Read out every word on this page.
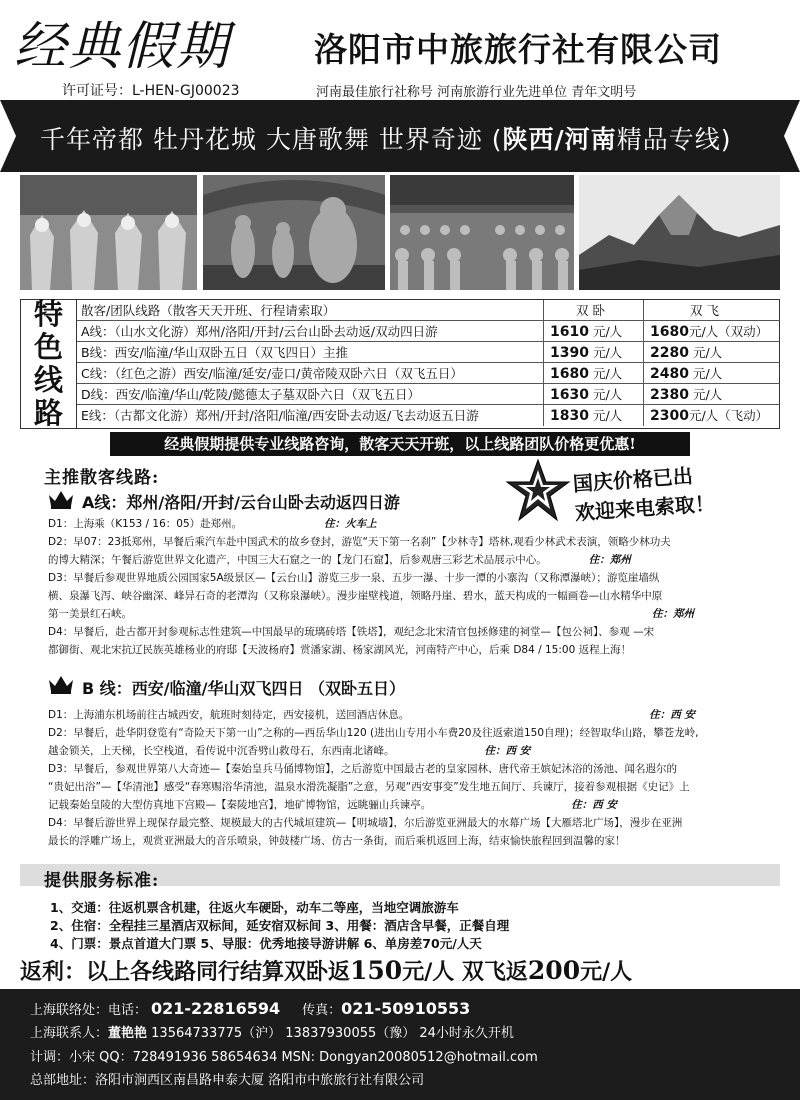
经典假期
许可证号：L-HEN-GJ00023
洛阳市中旅旅行社有限公司
河南最佳旅行社称号 河南旅游行业先进单位 青年文明号
千年帝都 牡丹花城 大唐歌舞 世界奇迹 (陕西/河南精品专线)
特
色
线
路
散客/团队线路（散客天天开班、行程请索取）	双 卧	双 飞
A线：（山水文化游）郑州/洛阳/开封/云台山卧去动返/双动四日游	1610 元/人	1680元/人（双动）
B线：西安/临潼/华山双卧五日（双飞四日）主推	1390 元/人	2280 元/人
C线：（红色之游）西安/临潼/延安/壶口/黄帝陵双卧六日（双飞五日）	1680 元/人	2480 元/人
D线：西安/临潼/华山/乾陵/懿德太子墓双卧六日（双飞五日）	1630 元/人	2380 元/人
E线：（古都文化游）郑州/开封/洛阳/临潼/西安卧去动返/飞去动返五日游	1830 元/人	2300元/人（飞动）
经典假期提供专业线路咨询，散客天天开班，以上线路团队价格更优惠!
主推散客线路:	国庆价格已出
欢迎来电索取！
A线：郑州/洛阳/开封/云台山卧去动返四日游
D1：上海乘（K153 / 16：05）赴郑州。	住：火车上
D2：早07：23抵郑州，早餐后乘汽车赴中国武术的故乡登封，游览“天下第一名刹”【少林寺】塔林,观看少林武术表演，领略少林功夫
的博大精深；午餐后游览世界文化遗产，中国三大石窟之一的【龙门石窟】，后参观唐三彩艺术品展示中心。	住：郑州
D3：早餐后参观世界地质公园国家5A级景区—【云台山】游览三步一泉、五步一瀑、十步一潭的小寨沟（又称潭瀑峡）；游览崖墙纵
横、泉瀑飞泻、峡谷幽深、峰异石奇的老潭沟（又称泉瀑峡）。漫步崖壁栈道，领略丹崖、碧水，蓝天构成的一幅画卷—山水精华中原
第一美景红石峡。	住：郑州
D4：早餐后，赴古都开封参观标志性建筑—中国最早的琉璃砖塔【铁塔】，观纪念北宋清官包拯修建的祠堂—【包公祠】、参观 —宋
都御街、观北宋抗辽民族英雄杨业的府邸【天波杨府】赏潘家湖、杨家湖风光，河南特产中心，后乘 D84 / 15:00 返程上海！
B 线：西安/临潼/华山双飞四日 （双卧五日）
D1：上海浦东机场前往古城西安，航班时刻待定，西安接机，送回酒店休息。	住：西 安
D2：早餐后，赴华阴登览有“奇险天下第一山”之称的—西岳华山120 (进出山专用小车费20及往返索道150自理)；经智取华山路，攀苍龙岭,
越金锁关，上天梯，长空栈道，看传说中沉香劈山救母石，东西南北诸峰。	住：西 安
D3：早餐后，参观世界第八大奇迹—【秦始皇兵马俑博物馆】，之后游览中国最古老的皇家园林、唐代帝王嫔妃沐浴的汤池、闻名遐尔的
“贵妃出浴”—【华清池】感受“春寒赐浴华清池，温泉水滑洗凝脂”之意，另观“西安事变”发生地五间厅、兵谏厅，接着参观根据《史记》上
记载秦始皇陵的大型仿真地下宫殿—【秦陵地宫】，地矿博物馆，远眺骊山兵谏亭。	住：西 安
D4：早餐后游世界上现保存最完整、规模最大的古代城垣建筑—【明城墙】，尔后游览亚洲最大的水幕广场【大雁塔北广场】，漫步在亚洲
最长的浮雕广场上，观赏亚洲最大的音乐喷泉，钟鼓楼广场、仿古一条街，而后乘机返回上海，结束愉快旅程回到温馨的家！
提供服务标准:
1、交通：往返机票含机建，往返火车硬卧，动车二等座，当地空调旅游车
2、住宿：全程挂三星酒店双标间，延安宿双标间 3、用餐：酒店含早餐，正餐自理
4、门票：景点首道大门票 5、导服：优秀地接导游讲解 6、单房差70元/人天
返利：以上各线路同行结算双卧返150元/人 双飞返200元/人
上海联络处：电话： 021-22816594 传真：021-50910553
上海联系人：董艳艳 13564733775（沪） 13837930055（豫） 24小时永久开机
计调：小宋 QQ：728491936 58654634 MSN: Dongyan20080512@hotmail.com
总部地址：洛阳市涧西区南昌路申泰大厦 洛阳市中旅旅行社有限公司
